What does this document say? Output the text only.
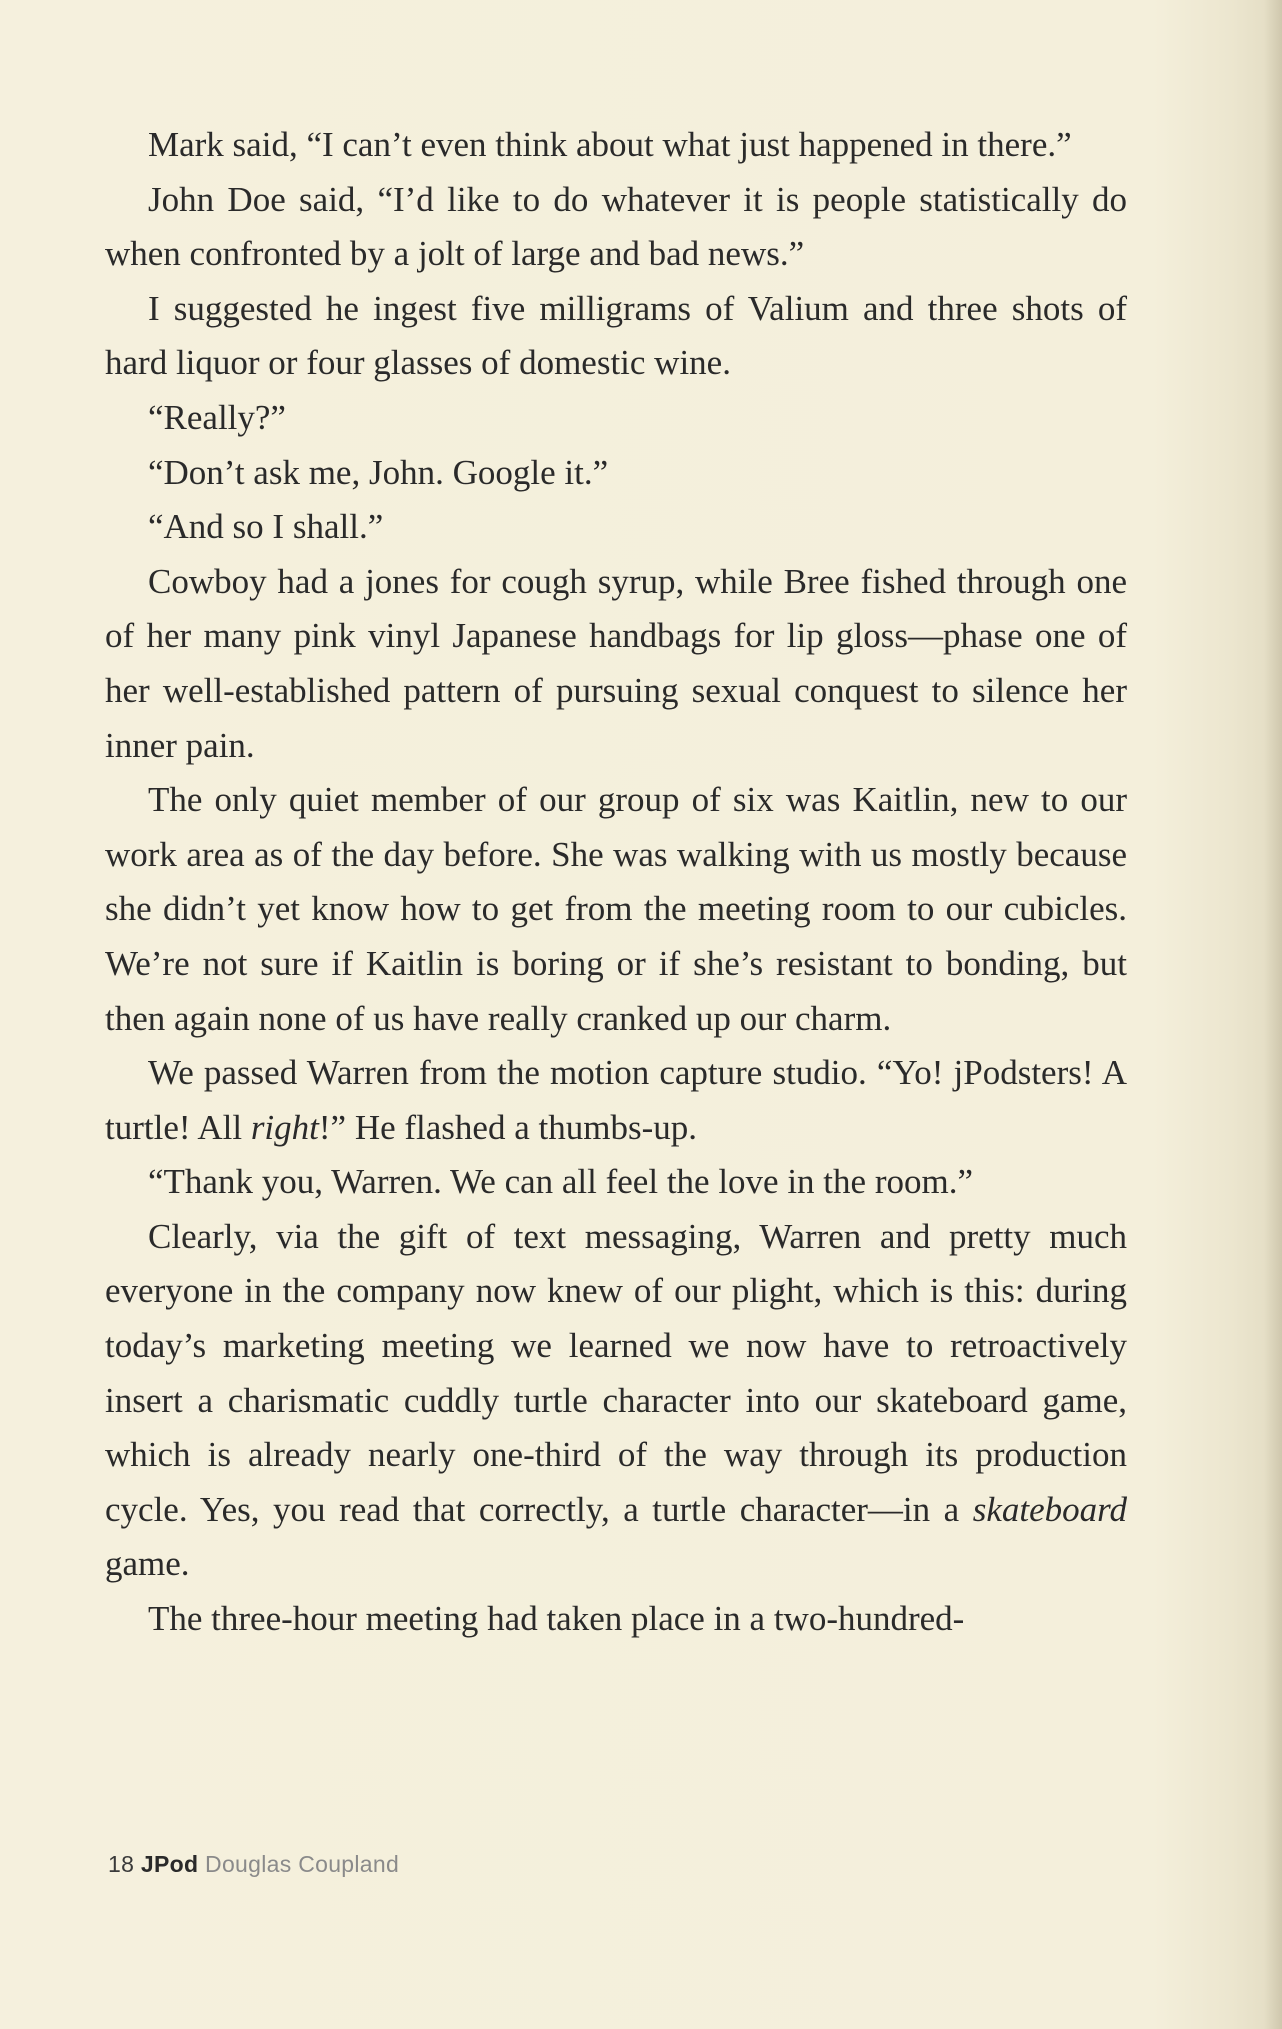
Mark said, “I can’t even think about what just happened in there.”

John Doe said, “I’d like to do whatever it is people statistically do when confronted by a jolt of large and bad news.”

I suggested he ingest five milligrams of Valium and three shots of hard liquor or four glasses of domestic wine.

“Really?”

“Don’t ask me, John. Google it.”

“And so I shall.”

Cowboy had a jones for cough syrup, while Bree fished through one of her many pink vinyl Japanese handbags for lip gloss—phase one of her well-established pattern of pursuing sexual conquest to silence her inner pain.

The only quiet member of our group of six was Kaitlin, new to our work area as of the day before. She was walking with us mostly because she didn’t yet know how to get from the meeting room to our cubicles. We’re not sure if Kaitlin is boring or if she’s resistant to bonding, but then again none of us have really cranked up our charm.

We passed Warren from the motion capture studio. “Yo! jPodsters! A turtle! All right!” He flashed a thumbs-up.

“Thank you, Warren. We can all feel the love in the room.”

Clearly, via the gift of text messaging, Warren and pretty much everyone in the company now knew of our plight, which is this: during today’s marketing meeting we learned we now have to retroactively insert a charismatic cuddly turtle character into our skateboard game, which is already nearly one-third of the way through its production cycle. Yes, you read that correctly, a turtle character—in a skateboard game.

The three-hour meeting had taken place in a two-hundred-

18 JPod Douglas Coupland
